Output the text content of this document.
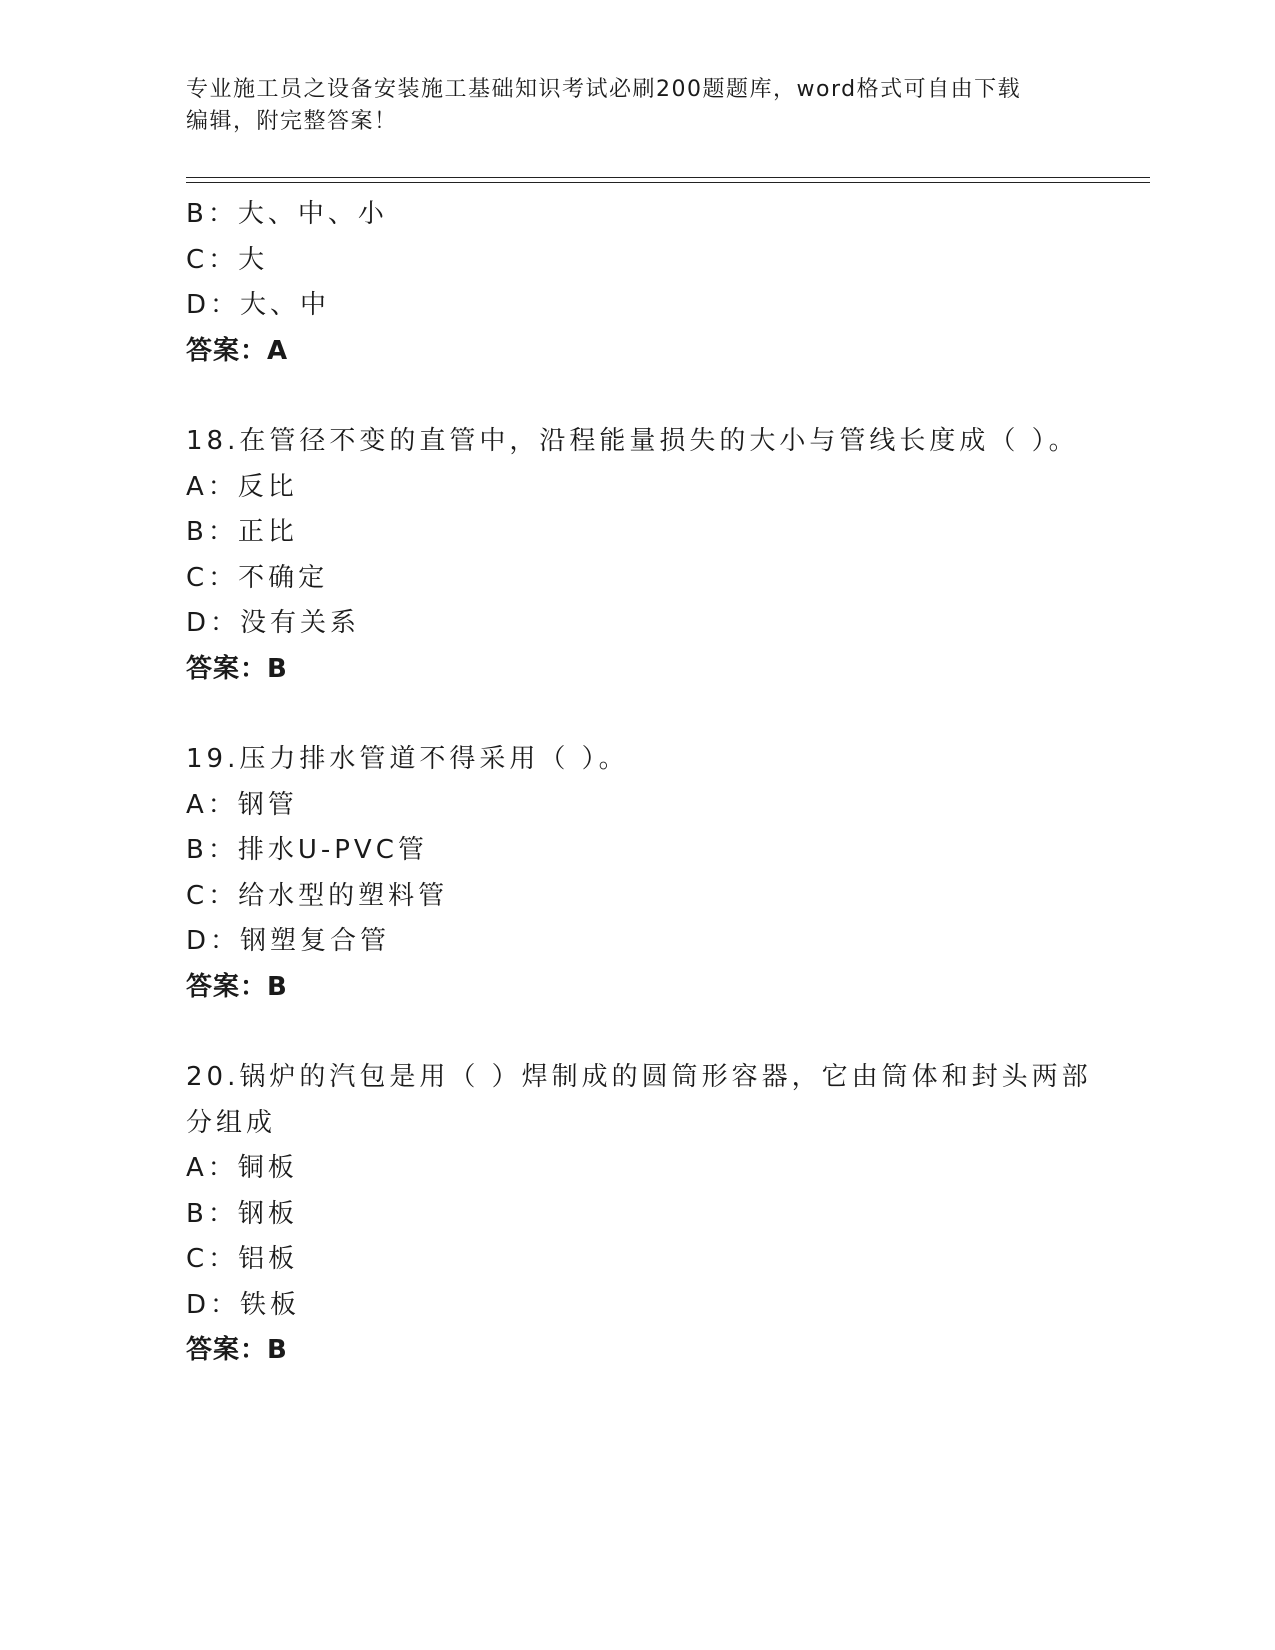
专业施工员之设备安装施工基础知识考试必刷200题题库，word格式可自由下载
编辑，附完整答案！
B：大、中、小
C：大
D：大、中
答案：A
18.在管径不变的直管中，沿程能量损失的大小与管线长度成（ ）。
A：反比
B：正比
C：不确定
D：没有关系
答案：B
19.压力排水管道不得采用（ ）。
A：钢管
B：排水U-PVC管
C：给水型的塑料管
D：钢塑复合管
答案：B
20.锅炉的汽包是用（ ）焊制成的圆筒形容器，它由筒体和封头两部
分组成
A：铜板
B：钢板
C：铝板
D：铁板
答案：B
